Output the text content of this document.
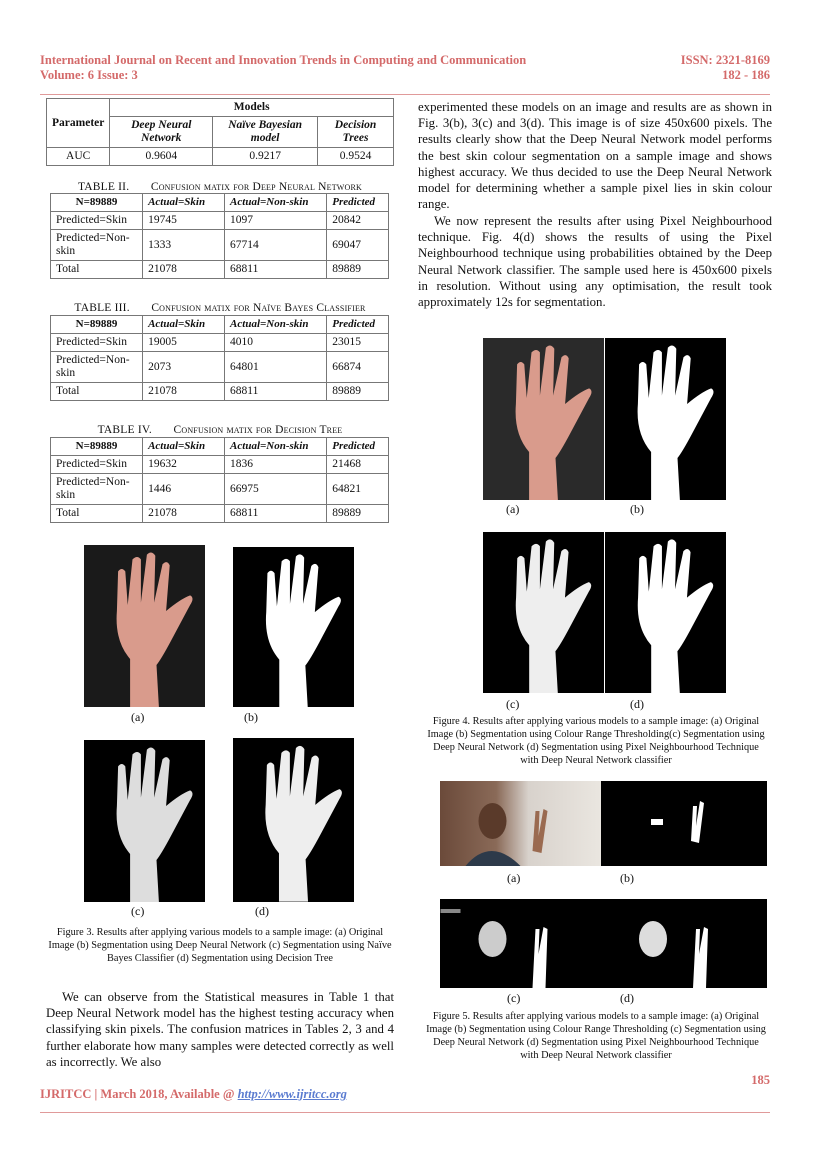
International Journal on Recent and Innovation Trends in Computing and Communication	ISSN: 2321-8169
Volume: 6 Issue: 3	182 - 186
Parameter	Models		
	Deep Neural Network	Naïve Bayesian model	Decision Trees
AUC	0.9604	0.9217	0.9524
TABLE II. Confusion matix for Deep Neural Network
N=89889	Actual=Skin	Actual=Non-skin	Predicted
Predicted=Skin	19745	1097	20842
Predicted=Non-skin	1333	67714	69047
Total	21078	68811	89889
TABLE III. Confusion matix for Naïve Bayes Classifier
N=89889	Actual=Skin	Actual=Non-skin	Predicted
Predicted=Skin	19005	4010	23015
Predicted=Non-skin	2073	64801	66874
Total	21078	68811	89889
TABLE IV. Confusion matix for Decision Tree
N=89889	Actual=Skin	Actual=Non-skin	Predicted
Predicted=Skin	19632	1836	21468
Predicted=Non-skin	1446	66975	64821
Total	21078	68811	89889
(a)	(b)
(c)	(d)
Figure 3. Results after applying various models to a sample image: (a) Original Image (b) Segmentation using Deep Neural Network (c) Segmentation using Naïve Bayes Classifier (d) Segmentation using Decision Tree
We can observe from the Statistical measures in Table 1 that Deep Neural Network model has the highest testing accuracy when classifying skin pixels. The confusion matrices in Tables 2, 3 and 4 further elaborate how many samples were detected correctly as well as incorrectly. We also
experimented these models on an image and results are as shown in Fig. 3(b), 3(c) and 3(d). This image is of size 450x600 pixels. The results clearly show that the Deep Neural Network model performs the best skin colour segmentation on a sample image and shows highest accuracy. We thus decided to use the Deep Neural Network model for determining whether a sample pixel lies in skin colour range.
We now represent the results after using Pixel Neighbourhood technique. Fig. 4(d) shows the results of using the Pixel Neighbourhood technique using probabilities obtained by the Deep Neural Network classifier. The sample used here is 450x600 pixels in resolution. Without using any optimisation, the result took approximately 12s for segmentation.
(a)	(b)
(c)	(d)
Figure 4. Results after applying various models to a sample image: (a) Original Image (b) Segmentation using Colour Range Thresholding(c) Segmentation using Deep Neural Network (d) Segmentation using Pixel Neighbourhood Technique with Deep Neural Network classifier
(a)	(b)
(c)	(d)
Figure 5. Results after applying various models to a sample image: (a) Original Image (b) Segmentation using Colour Range Thresholding (c) Segmentation using Deep Neural Network (d) Segmentation using Pixel Neighbourhood Technique with Deep Neural Network classifier
185
IJRITCC | March 2018, Available @ http://www.ijritcc.org
